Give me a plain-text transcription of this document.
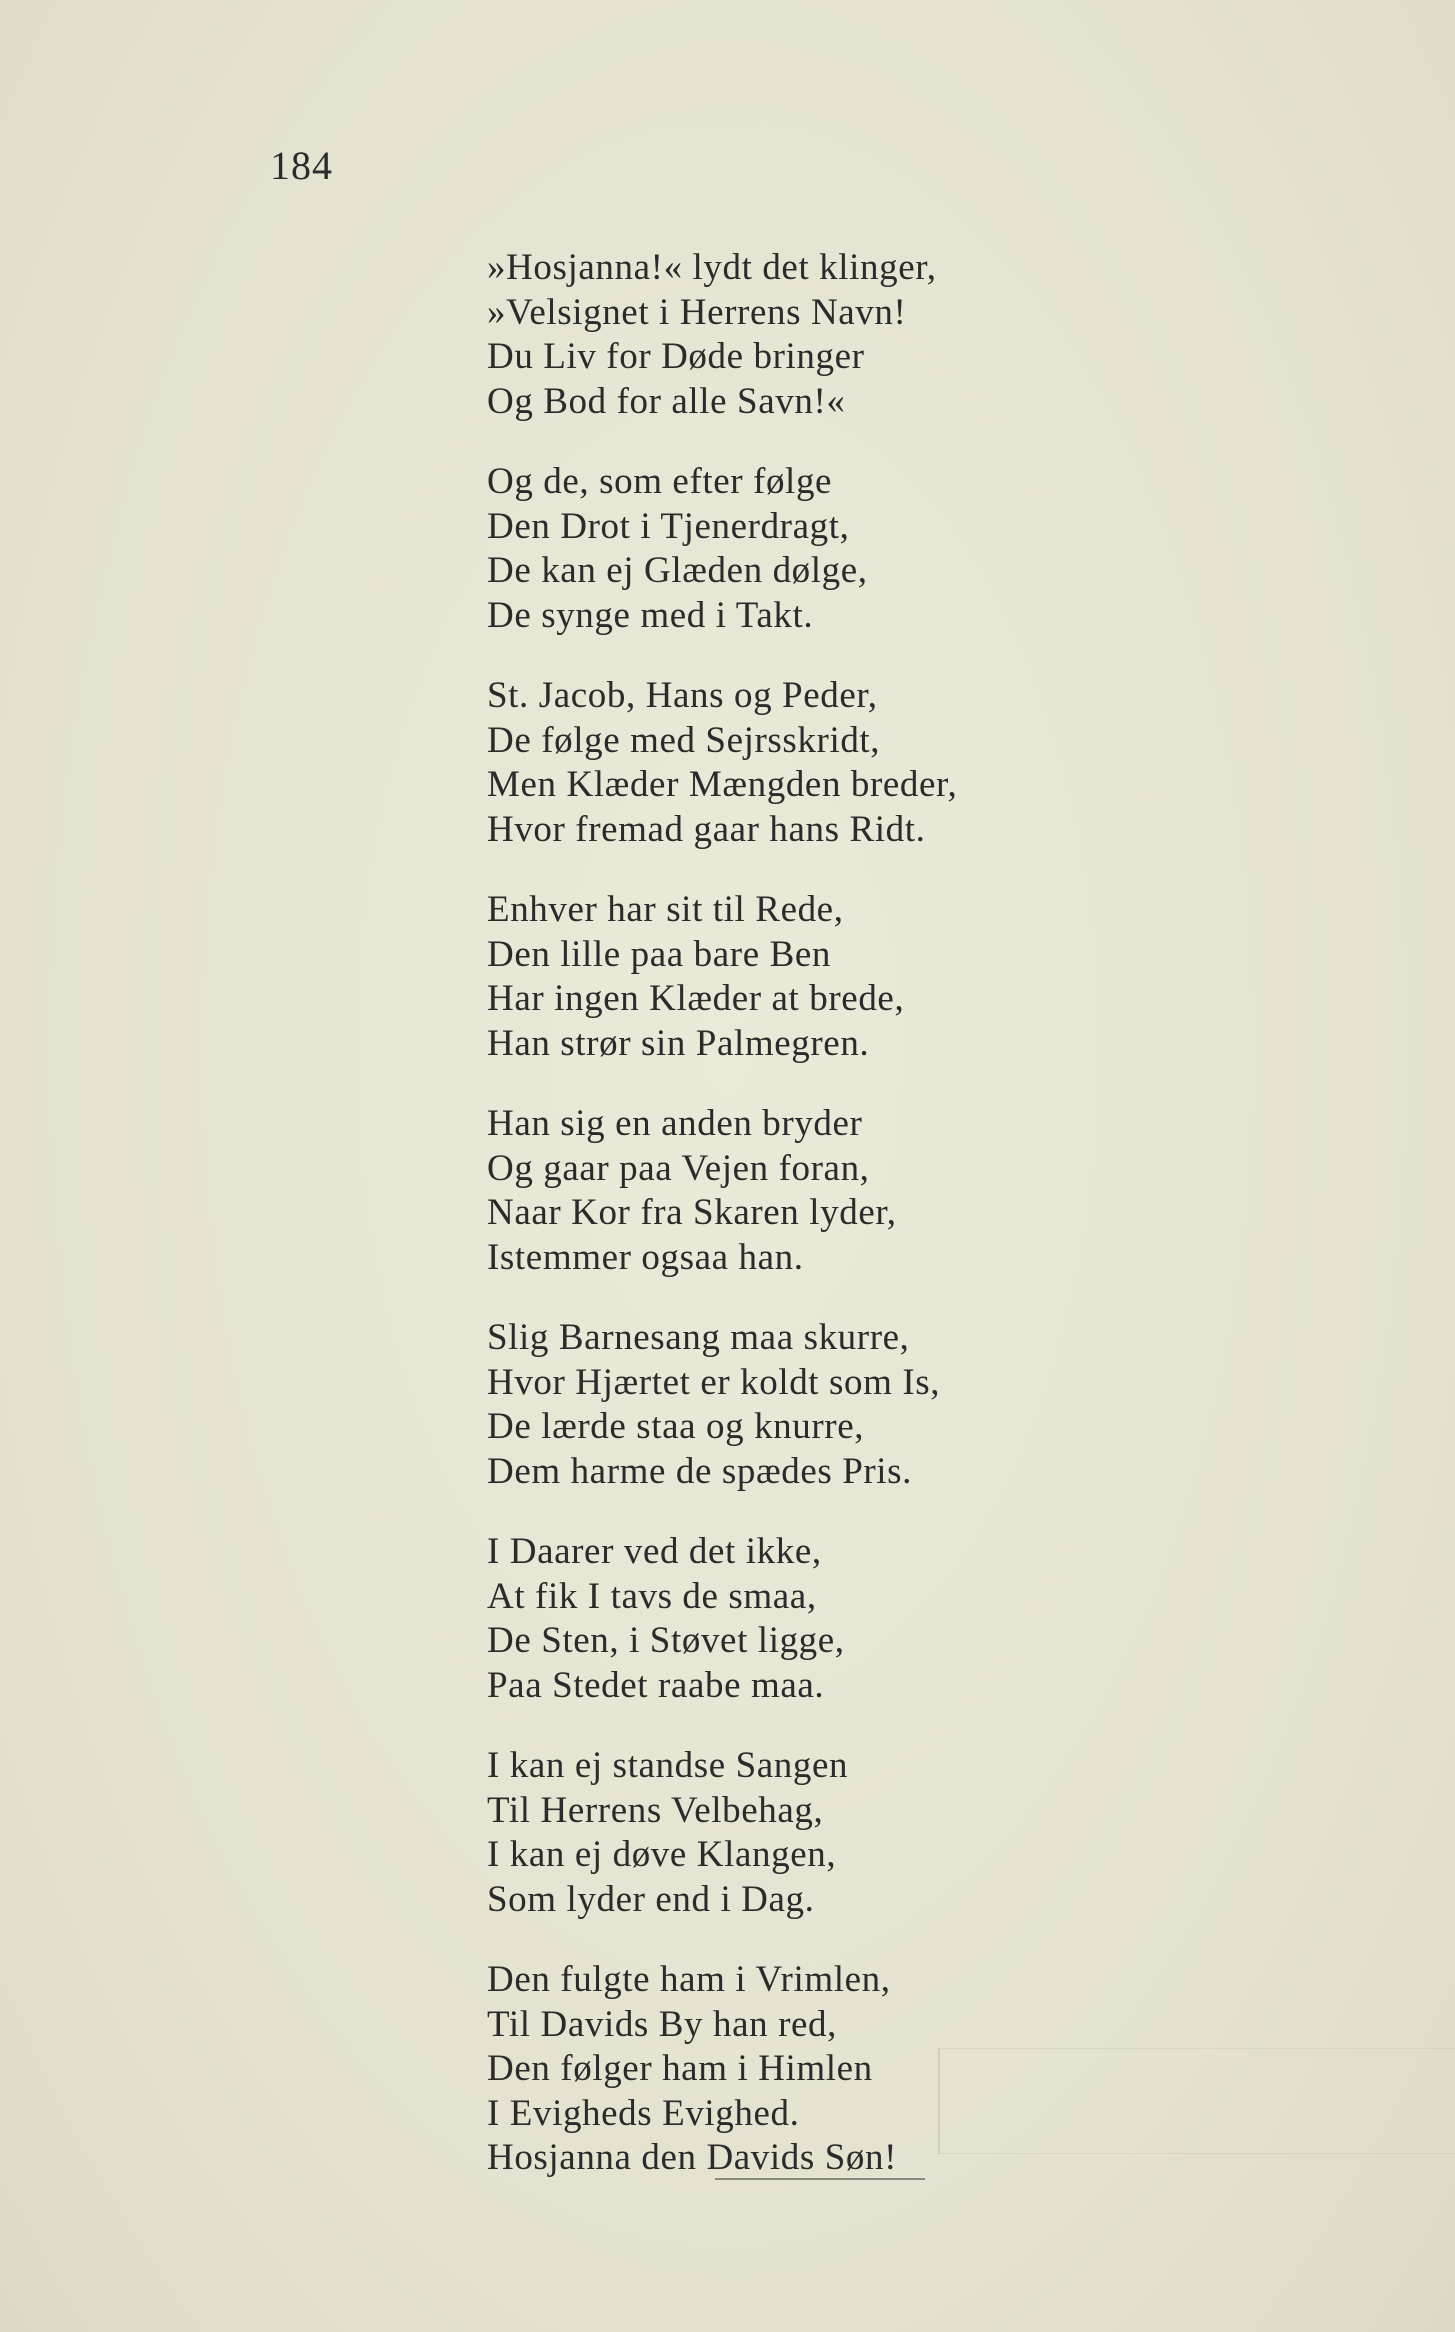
184
»Hosjanna!« lydt det klinger,
»Velsignet i Herrens Navn!
Du Liv for Døde bringer
Og Bod for alle Savn!«
Og de, som efter følge
Den Drot i Tjenerdragt,
De kan ej Glæden dølge,
De synge med i Takt.
St. Jacob, Hans og Peder,
De følge med Sejrsskridt,
Men Klæder Mængden breder,
Hvor fremad gaar hans Ridt.
Enhver har sit til Rede,
Den lille paa bare Ben
Har ingen Klæder at brede,
Han strør sin Palmegren.
Han sig en anden bryder
Og gaar paa Vejen foran,
Naar Kor fra Skaren lyder,
Istemmer ogsaa han.
Slig Barnesang maa skurre,
Hvor Hjærtet er koldt som Is,
De lærde staa og knurre,
Dem harme de spædes Pris.
I Daarer ved det ikke,
At fik I tavs de smaa,
De Sten, i Støvet ligge,
Paa Stedet raabe maa.
I kan ej standse Sangen
Til Herrens Velbehag,
I kan ej døve Klangen,
Som lyder end i Dag.
Den fulgte ham i Vrimlen,
Til Davids By han red,
Den følger ham i Himlen
I Evigheds Evighed.
Hosjanna den Davids Søn!
